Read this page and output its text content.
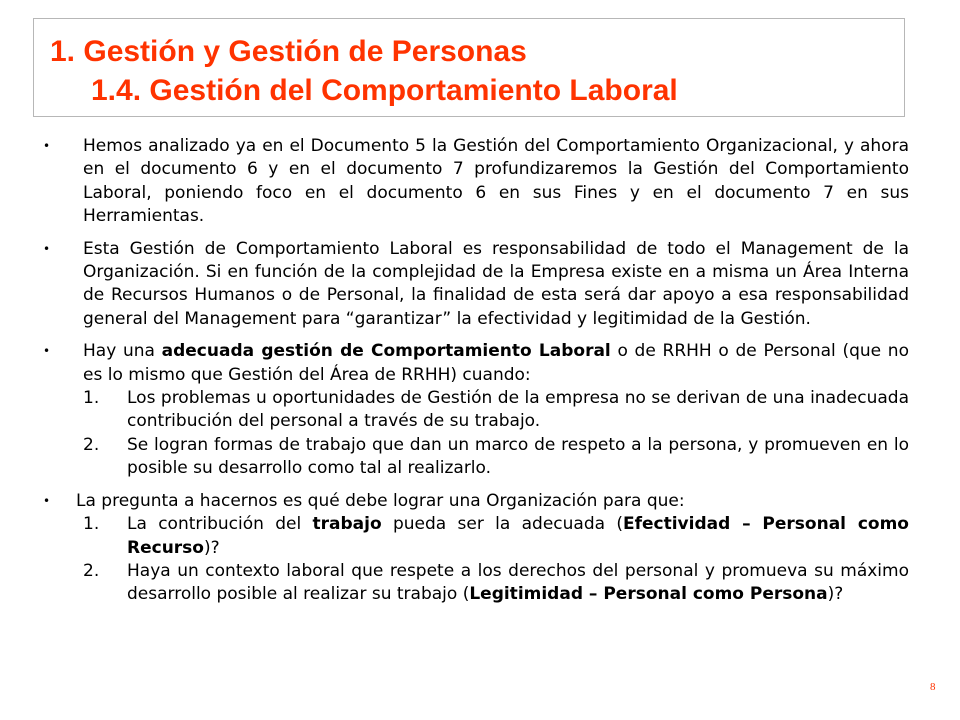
1. Gestión y Gestión de Personas
1.4. Gestión del Comportamiento Laboral
• Hemos analizado ya en el Documento 5 la Gestión del Comportamiento Organizacional, y ahora en el documento 6 y en el documento 7 profundizaremos la Gestión del Comportamiento Laboral, poniendo foco en el documento 6 en sus Fines y en el documento 7 en sus Herramientas.
• Esta Gestión de Comportamiento Laboral es responsabilidad de todo el Management de la Organización. Si en función de la complejidad de la Empresa existe en a misma un Área Interna de Recursos Humanos o de Personal, la finalidad de esta será dar apoyo a esa responsabilidad general del Management para “garantizar” la efectividad y legitimidad de la Gestión.
• Hay una adecuada gestión de Comportamiento Laboral o de RRHH o de Personal (que no es lo mismo que Gestión del Área de RRHH) cuando:
1. Los problemas u oportunidades de Gestión de la empresa no se derivan de una inadecuada contribución del personal a través de su trabajo.

2. Se logran formas de trabajo que dan un marco de respeto a la persona, y promueven en lo posible su desarrollo como tal al realizarlo.

• La pregunta a hacernos es qué debe lograr una Organización para que:
1. La contribución del trabajo pueda ser la adecuada (Efectividad – Personal como Recurso)?

2. Haya un contexto laboral que respete a los derechos del personal y promueva su máximo desarrollo posible al realizar su trabajo (Legitimidad – Personal como Persona)?

8
